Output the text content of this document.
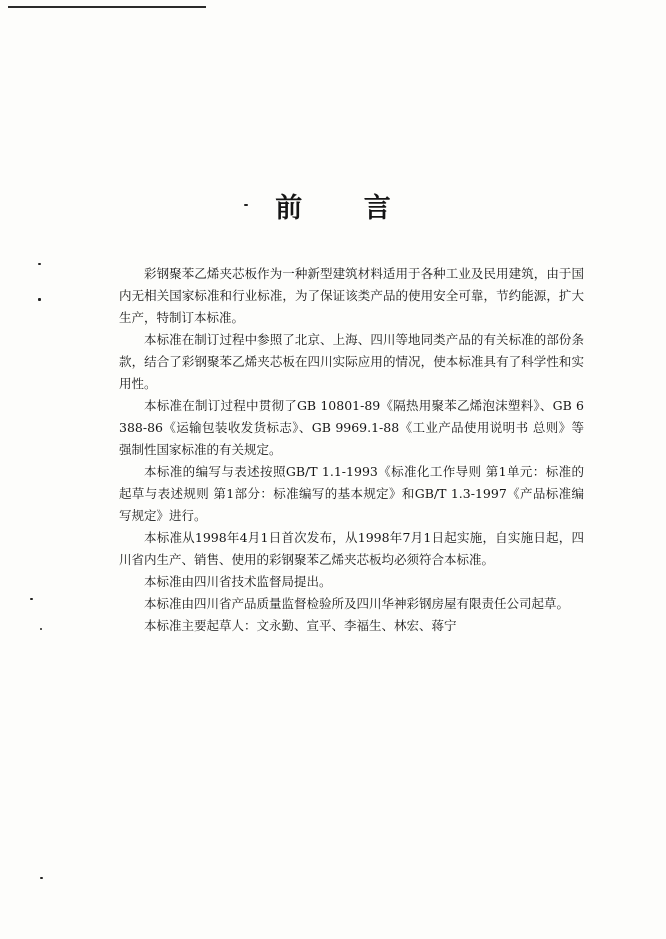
前 言

彩钢聚苯乙烯夹芯板作为一种新型建筑材料适用于各种工业及民用建筑，由于国内无相关国家标准和行业标准，为了保证该类产品的使用安全可靠，节约能源，扩大生产，特制订本标准。

本标准在制订过程中参照了北京、上海、四川等地同类产品的有关标准的部份条款，结合了彩钢聚苯乙烯夹芯板在四川实际应用的情况，使本标准具有了科学性和实用性。

本标准在制订过程中贯彻了GB 10801-89《隔热用聚苯乙烯泡沫塑料》、GB 6388-86《运输包装收发货标志》、GB 9969.1-88《工业产品使用说明书 总则》等强制性国家标准的有关规定。

本标准的编写与表述按照GB/T 1.1-1993《标准化工作导则 第1单元：标准的起草与表述规则 第1部分：标准编写的基本规定》和GB/T 1.3-1997《产品标准编写规定》进行。

本标准从1998年4月1日首次发布，从1998年7月1日起实施，自实施日起，四川省内生产、销售、使用的彩钢聚苯乙烯夹芯板均必须符合本标准。

本标准由四川省技术监督局提出。

本标准由四川省产品质量监督检验所及四川华神彩钢房屋有限责任公司起草。

本标准主要起草人：文永勤、宣平、李福生、林宏、蒋宁
